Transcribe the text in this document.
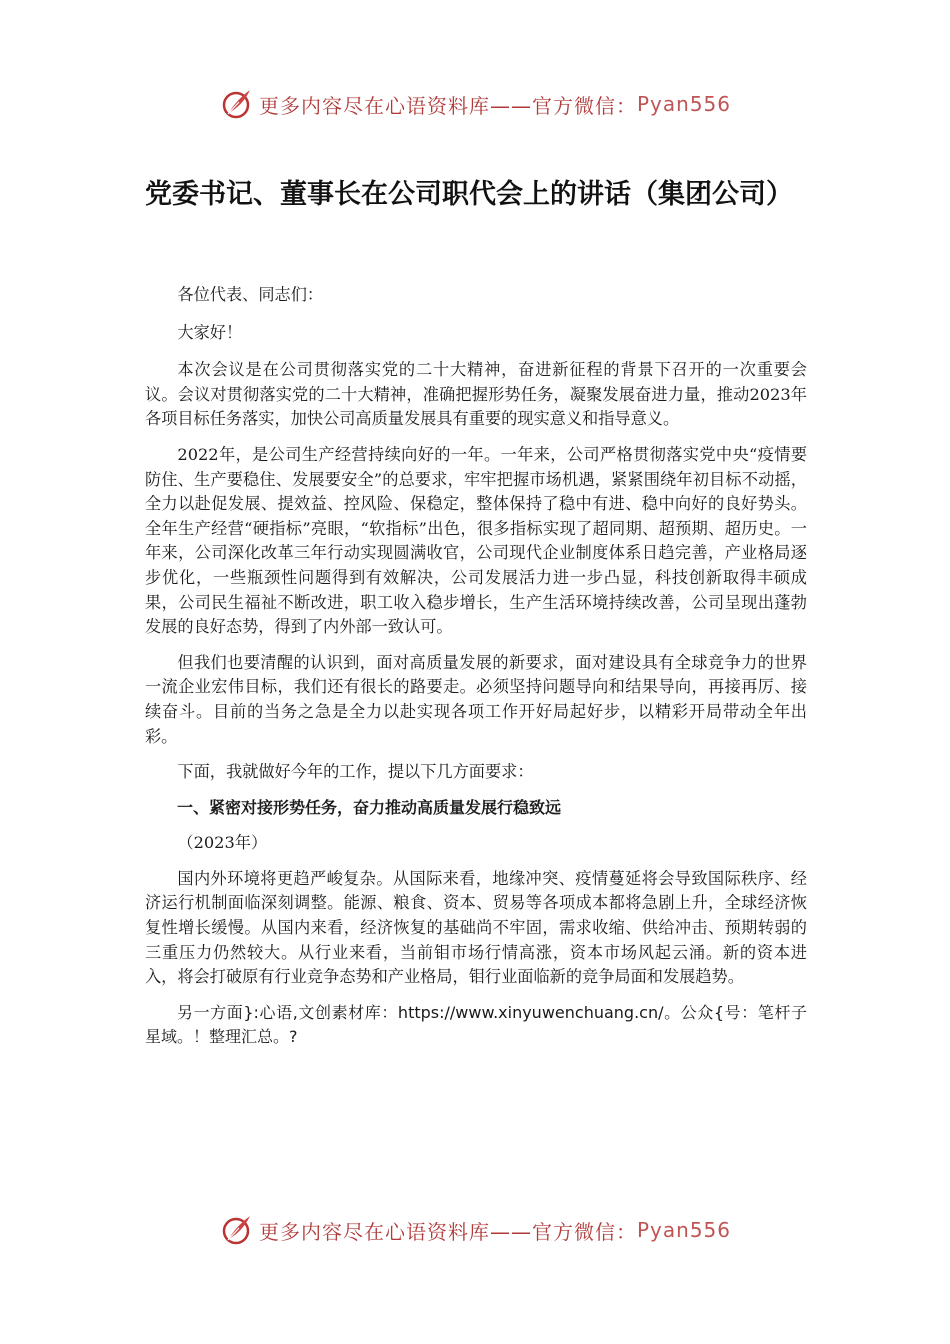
更多内容尽在心语资料库——官方微信： Pyan556
党委书记、董事长在公司职代会上的讲话（集团公司）

各位代表、同志们：

大家好！

本次会议是在公司贯彻落实党的二十大精神，奋进新征程的背景下召开的一次重要会议。会议对贯彻落实党的二十大精神，准确把握形势任务，凝聚发展奋进力量，推动2023年各项目标任务落实，加快公司高质量发展具有重要的现实意义和指导意义。

2022年，是公司生产经营持续向好的一年。一年来，公司严格贯彻落实党中央“疫情要防住、生产要稳住、发展要安全”的总要求，牢牢把握市场机遇，紧紧围绕年初目标不动摇，全力以赴促发展、提效益、控风险、保稳定，整体保持了稳中有进、稳中向好的良好势头。全年生产经营“硬指标”亮眼，“软指标”出色，很多指标实现了超同期、超预期、超历史。一年来，公司深化改革三年行动实现圆满收官，公司现代企业制度体系日趋完善，产业格局逐步优化，一些瓶颈性问题得到有效解决，公司发展活力进一步凸显，科技创新取得丰硕成果，公司民生福祉不断改进，职工收入稳步增长，生产生活环境持续改善，公司呈现出蓬勃发展的良好态势，得到了内外部一致认可。

但我们也要清醒的认识到，面对高质量发展的新要求，面对建设具有全球竞争力的世界一流企业宏伟目标，我们还有很长的路要走。必须坚持问题导向和结果导向，再接再厉、接续奋斗。目前的当务之急是全力以赴实现各项工作开好局起好步，以精彩开局带动全年出彩。

下面，我就做好今年的工作，提以下几方面要求：

一、紧密对接形势任务，奋力推动高质量发展行稳致远

（2023年）

国内外环境将更趋严峻复杂。从国际来看，地缘冲突、疫情蔓延将会导致国际秩序、经济运行机制面临深刻调整。能源、粮食、资本、贸易等各项成本都将急剧上升，全球经济恢复性增长缓慢。从国内来看，经济恢复的基础尚不牢固，需求收缩、供给冲击、预期转弱的三重压力仍然较大。从行业来看，当前钼市场行情高涨，资本市场风起云涌。新的资本进入，将会打破原有行业竞争态势和产业格局，钼行业面临新的竞争局面和发展趋势。

另一方面}:心语,文创素材库：https://www.xinyuwenchuang.cn/。公众{号：笔杆子星域。！整理汇总。?

更多内容尽在心语资料库——官方微信： Pyan556
